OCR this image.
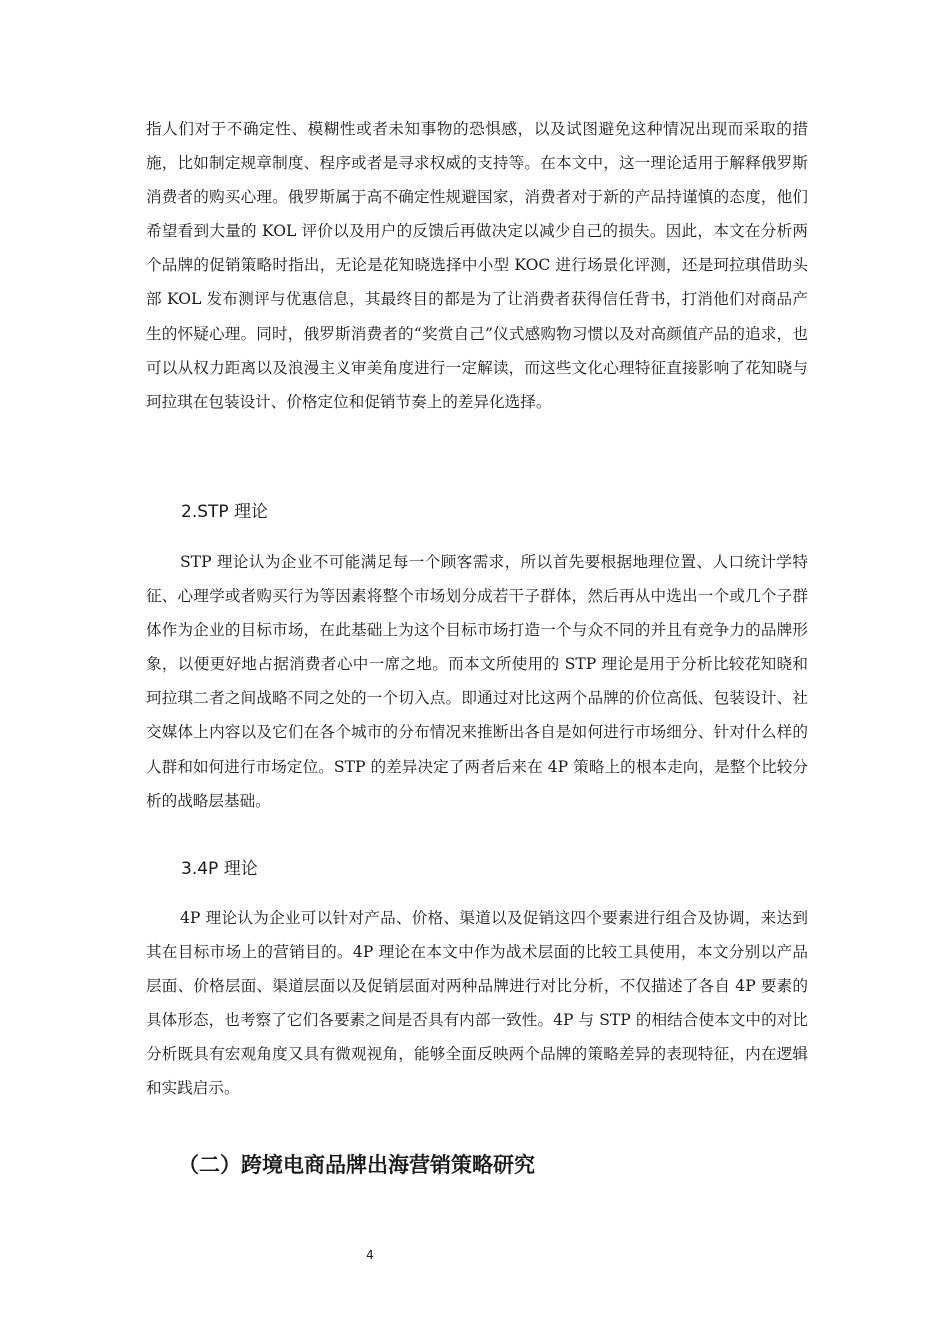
指人们对于不确定性、模糊性或者未知事物的恐惧感，以及试图避免这种情况出现而采取的措施，比如制定规章制度、程序或者是寻求权威的支持等。在本文中，这一理论适用于解释俄罗斯消费者的购买心理。俄罗斯属于高不确定性规避国家，消费者对于新的产品持谨慎的态度，他们希望看到大量的 KOL 评价以及用户的反馈后再做决定以减少自己的损失。因此，本文在分析两个品牌的促销策略时指出，无论是花知晓选择中小型 KOC 进行场景化评测，还是珂拉琪借助头部 KOL 发布测评与优惠信息，其最终目的都是为了让消费者获得信任背书，打消他们对商品产生的怀疑心理。同时，俄罗斯消费者的“奖赏自己”仪式感购物习惯以及对高颜值产品的追求，也可以从权力距离以及浪漫主义审美角度进行一定解读，而这些文化心理特征直接影响了花知晓与珂拉琪在包装设计、价格定位和促销节奏上的差异化选择。

2.STP 理论

STP 理论认为企业不可能满足每一个顾客需求，所以首先要根据地理位置、人口统计学特征、心理学或者购买行为等因素将整个市场划分成若干子群体，然后再从中选出一个或几个子群体作为企业的目标市场，在此基础上为这个目标市场打造一个与众不同的并且有竞争力的品牌形象，以便更好地占据消费者心中一席之地。而本文所使用的 STP 理论是用于分析比较花知晓和珂拉琪二者之间战略不同之处的一个切入点。即通过对比这两个品牌的价位高低、包装设计、社交媒体上内容以及它们在各个城市的分布情况来推断出各自是如何进行市场细分、针对什么样的人群和如何进行市场定位。STP 的差异决定了两者后来在 4P 策略上的根本走向，是整个比较分析的战略层基础。

3.4P 理论

4P 理论认为企业可以针对产品、价格、渠道以及促销这四个要素进行组合及协调，来达到其在目标市场上的营销目的。4P 理论在本文中作为战术层面的比较工具使用，本文分别以产品层面、价格层面、渠道层面以及促销层面对两种品牌进行对比分析，不仅描述了各自 4P 要素的具体形态，也考察了它们各要素之间是否具有内部一致性。4P 与 STP 的相结合使本文中的对比分析既具有宏观角度又具有微观视角，能够全面反映两个品牌的策略差异的表现特征，内在逻辑和实践启示。

（二）跨境电商品牌出海营销策略研究
4
